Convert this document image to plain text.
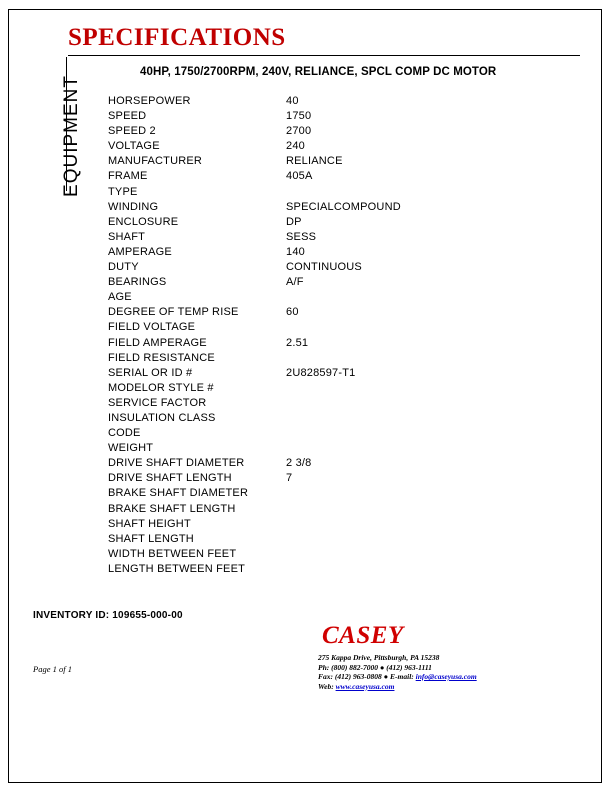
SPECIFICATIONS
EQUIPMENT
40HP, 1750/2700RPM, 240V, RELIANCE, SPCL COMP DC MOTOR
HORSEPOWER	40
SPEED	1750
SPEED 2	2700
VOLTAGE	240
MANUFACTURER	RELIANCE
FRAME	405A
TYPE	
WINDING	SPECIALCOMPOUND
ENCLOSURE	DP
SHAFT	SESS
AMPERAGE	140
DUTY	CONTINUOUS
BEARINGS	A/F
AGE	
DEGREE OF TEMP RISE	60
FIELD VOLTAGE	
FIELD AMPERAGE	2.51
FIELD RESISTANCE	
SERIAL OR ID #	2U828597-T1
MODELOR STYLE #	
SERVICE FACTOR	
INSULATION CLASS	
CODE	
WEIGHT	
DRIVE SHAFT DIAMETER	2 3/8
DRIVE SHAFT LENGTH	7
BRAKE SHAFT DIAMETER	
BRAKE SHAFT LENGTH	
SHAFT HEIGHT	
SHAFT LENGTH	
WIDTH BETWEEN FEET	
LENGTH BETWEEN FEET	
INVENTORY ID: 109655-000-00
Page 1 of 1
CASEY
275 Kappa Drive, Pittsburgh, PA 15238
Ph: (800) 882-7000 ● (412) 963-1111
Fax: (412) 963-0808 ● E-mail: info@caseyusa.com
Web: www.caseyusa.com
